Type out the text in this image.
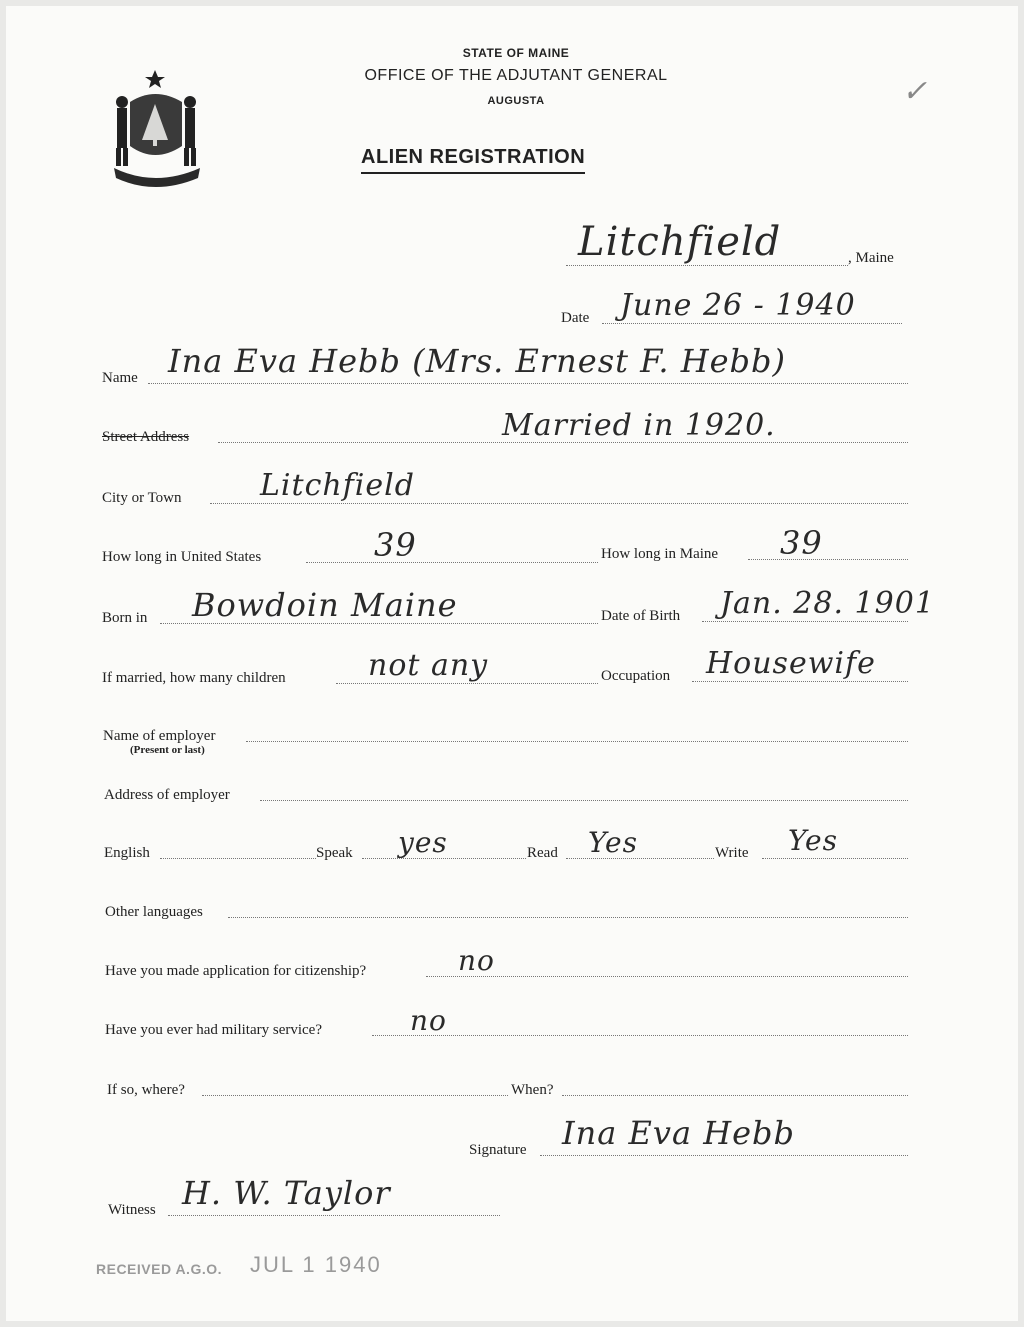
MAINE
STATE OF MAINE
OFFICE OF THE ADJUTANT GENERAL
AUGUSTA
ALIEN REGISTRATION
✓
Litchfield	, Maine
Date June 26 - 1940
Name Ina Eva Hebb (Mrs. Ernest F. Hebb)
Street Address	Married in 1920.
City or Town	Litchfield
How long in United States	39	How long in Maine 39
Born in Bowdoin Maine	Date of Birth Jan. 28. 1901
If married, how many children	not any	Occupation Housewife
Name of employer
(Present or last)
Address of employer
English	Speak yes	Read Yes	Write Yes
Other languages
Have you made application for citizenship?	no
Have you ever had military service?	no
If so, where?	When?
Signature Ina Eva Hebb
Witness H. W. Taylor
RECEIVED A.G.O. JUL 1 1940
